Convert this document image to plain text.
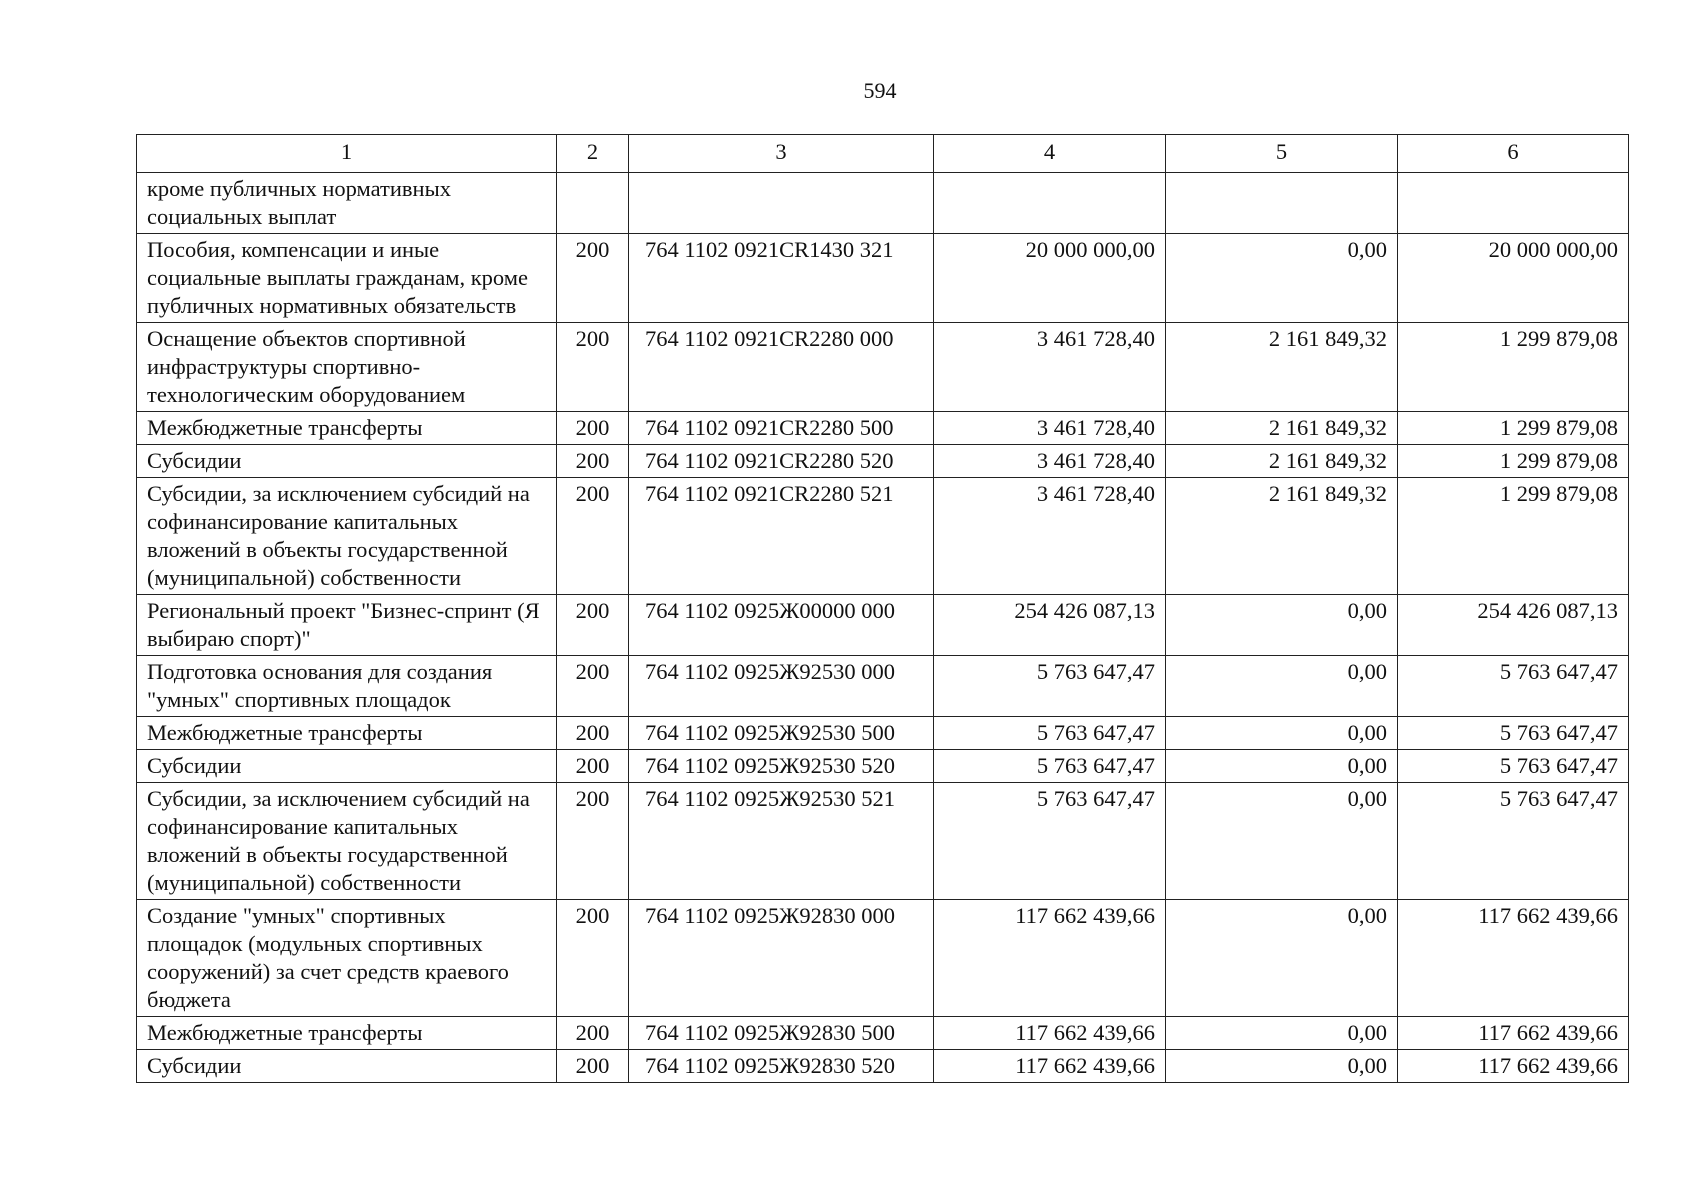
594
1	2	3	4	5	6
кроме публичных нормативных социальных выплат					
Пособия, компенсации и иные социальные выплаты гражданам, кроме публичных нормативных обязательств	200	764 1102 0921CR1430 321	20 000 000,00	0,00	20 000 000,00
Оснащение объектов спортивной инфраструктуры спортивно-технологическим оборудованием	200	764 1102 0921CR2280 000	3 461 728,40	2 161 849,32	1 299 879,08
Межбюджетные трансферты	200	764 1102 0921CR2280 500	3 461 728,40	2 161 849,32	1 299 879,08
Субсидии	200	764 1102 0921CR2280 520	3 461 728,40	2 161 849,32	1 299 879,08
Субсидии, за исключением субсидий на софинансирование капитальных вложений в объекты государственной (муниципальной) собственности	200	764 1102 0921CR2280 521	3 461 728,40	2 161 849,32	1 299 879,08
Региональный проект "Бизнес-спринт (Я выбираю спорт)"	200	764 1102 0925Ж00000 000	254 426 087,13	0,00	254 426 087,13
Подготовка основания для создания "умных" спортивных площадок	200	764 1102 0925Ж92530 000	5 763 647,47	0,00	5 763 647,47
Межбюджетные трансферты	200	764 1102 0925Ж92530 500	5 763 647,47	0,00	5 763 647,47
Субсидии	200	764 1102 0925Ж92530 520	5 763 647,47	0,00	5 763 647,47
Субсидии, за исключением субсидий на софинансирование капитальных вложений в объекты государственной (муниципальной) собственности	200	764 1102 0925Ж92530 521	5 763 647,47	0,00	5 763 647,47
Создание "умных" спортивных площадок (модульных спортивных сооружений) за счет средств краевого бюджета	200	764 1102 0925Ж92830 000	117 662 439,66	0,00	117 662 439,66
Межбюджетные трансферты	200	764 1102 0925Ж92830 500	117 662 439,66	0,00	117 662 439,66
Субсидии	200	764 1102 0925Ж92830 520	117 662 439,66	0,00	117 662 439,66
